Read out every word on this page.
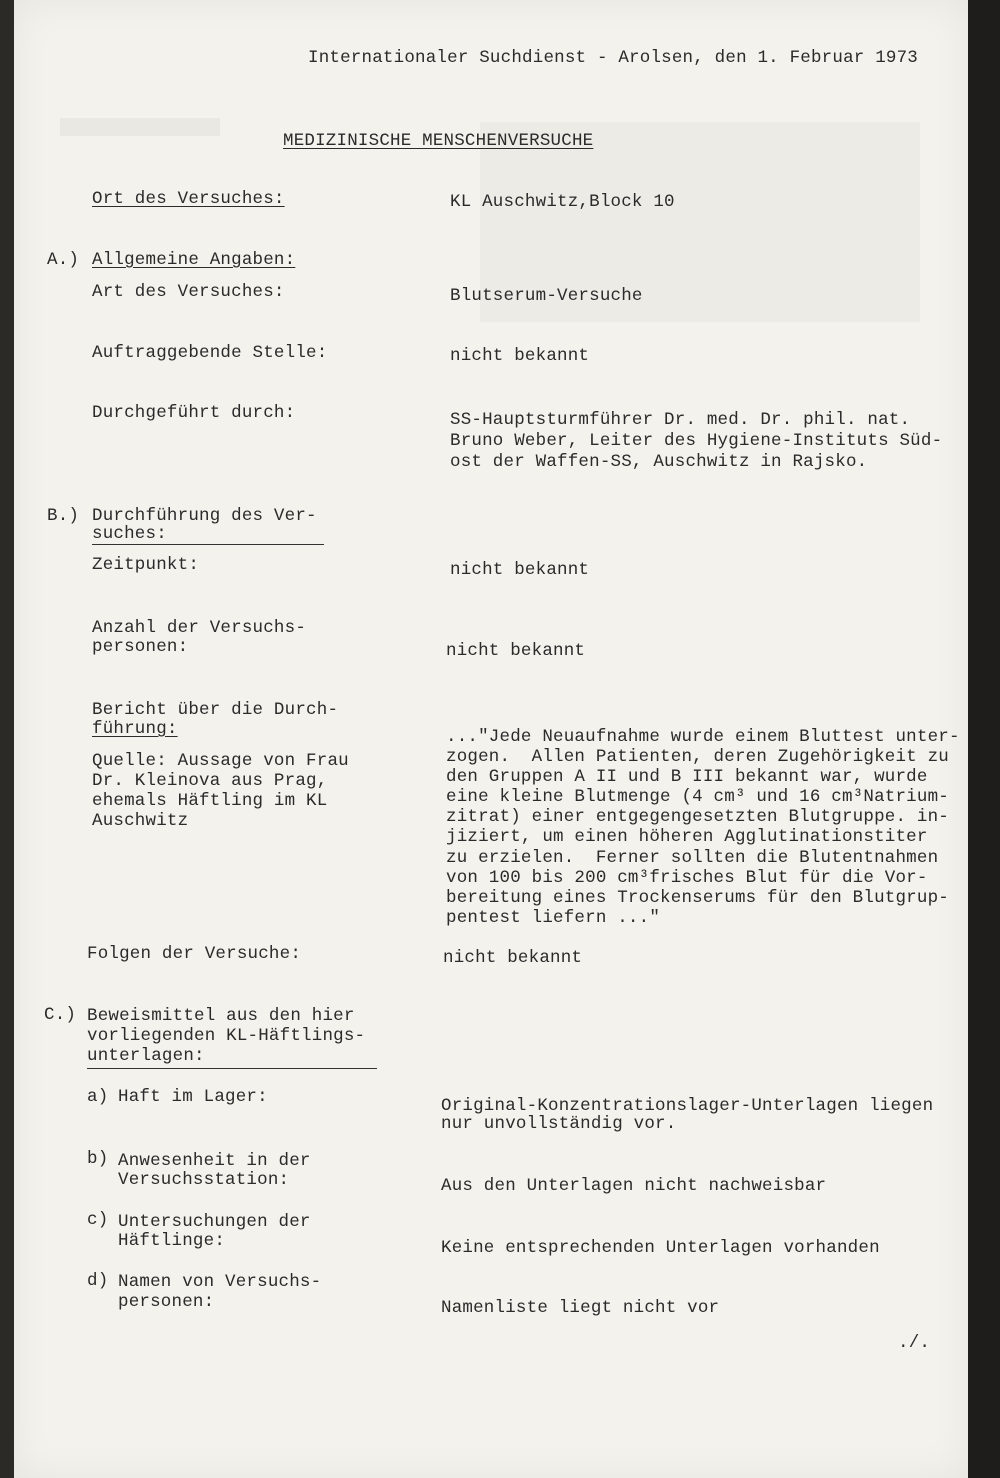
Internationaler Suchdienst - Arolsen, den 1. Februar 1973
MEDIZINISCHE MENSCHENVERSUCHE
Ort des Versuches:	KL Auschwitz,Block 10
A.) Allgemeine Angaben:
Art des Versuches:	Blutserum-Versuche
Auftraggebende Stelle:	nicht bekannt
Durchgeführt durch:	SS-Hauptsturmführer Dr. med. Dr. phil. nat.
Bruno Weber, Leiter des Hygiene-Instituts Süd-
ost der Waffen-SS, Auschwitz in Rajsko.
B.) Durchführung des Ver-
suches:
Zeitpunkt:	nicht bekannt
Anzahl der Versuchs-
personen:	nicht bekannt
Bericht über die Durch-
führung:	..."Jede Neuaufnahme wurde einem Bluttest unter-
zogen.  Allen Patienten, deren Zugehörigkeit zu
den Gruppen A II und B III bekannt war, wurde
eine kleine Blutmenge (4 cm³ und 16 cm³Natrium-
zitrat) einer entgegengesetzten Blutgruppe. in-
jiziert, um einen höheren Agglutinationstiter
zu erzielen.  Ferner sollten die Blutentnahmen
von 100 bis 200 cm³frisches Blut für die Vor-
bereitung eines Trockenserums für den Blutgrup-
pentest liefern ..."
Quelle: Aussage von Frau
Dr. Kleinova aus Prag,
ehemals Häftling im KL
Auschwitz
Folgen der Versuche:	nicht bekannt
C.) Beweismittel aus den hier
vorliegenden KL-Häftlings-
unterlagen:
a) Haft im Lager:	Original-Konzentrationslager-Unterlagen liegen
nur unvollständig vor.
b) Anwesenheit in der
Versuchsstation:	Aus den Unterlagen nicht nachweisbar
c) Untersuchungen der
Häftlinge:	Keine entsprechenden Unterlagen vorhanden
d) Namen von Versuchs-
personen:	Namenliste liegt nicht vor
./.
